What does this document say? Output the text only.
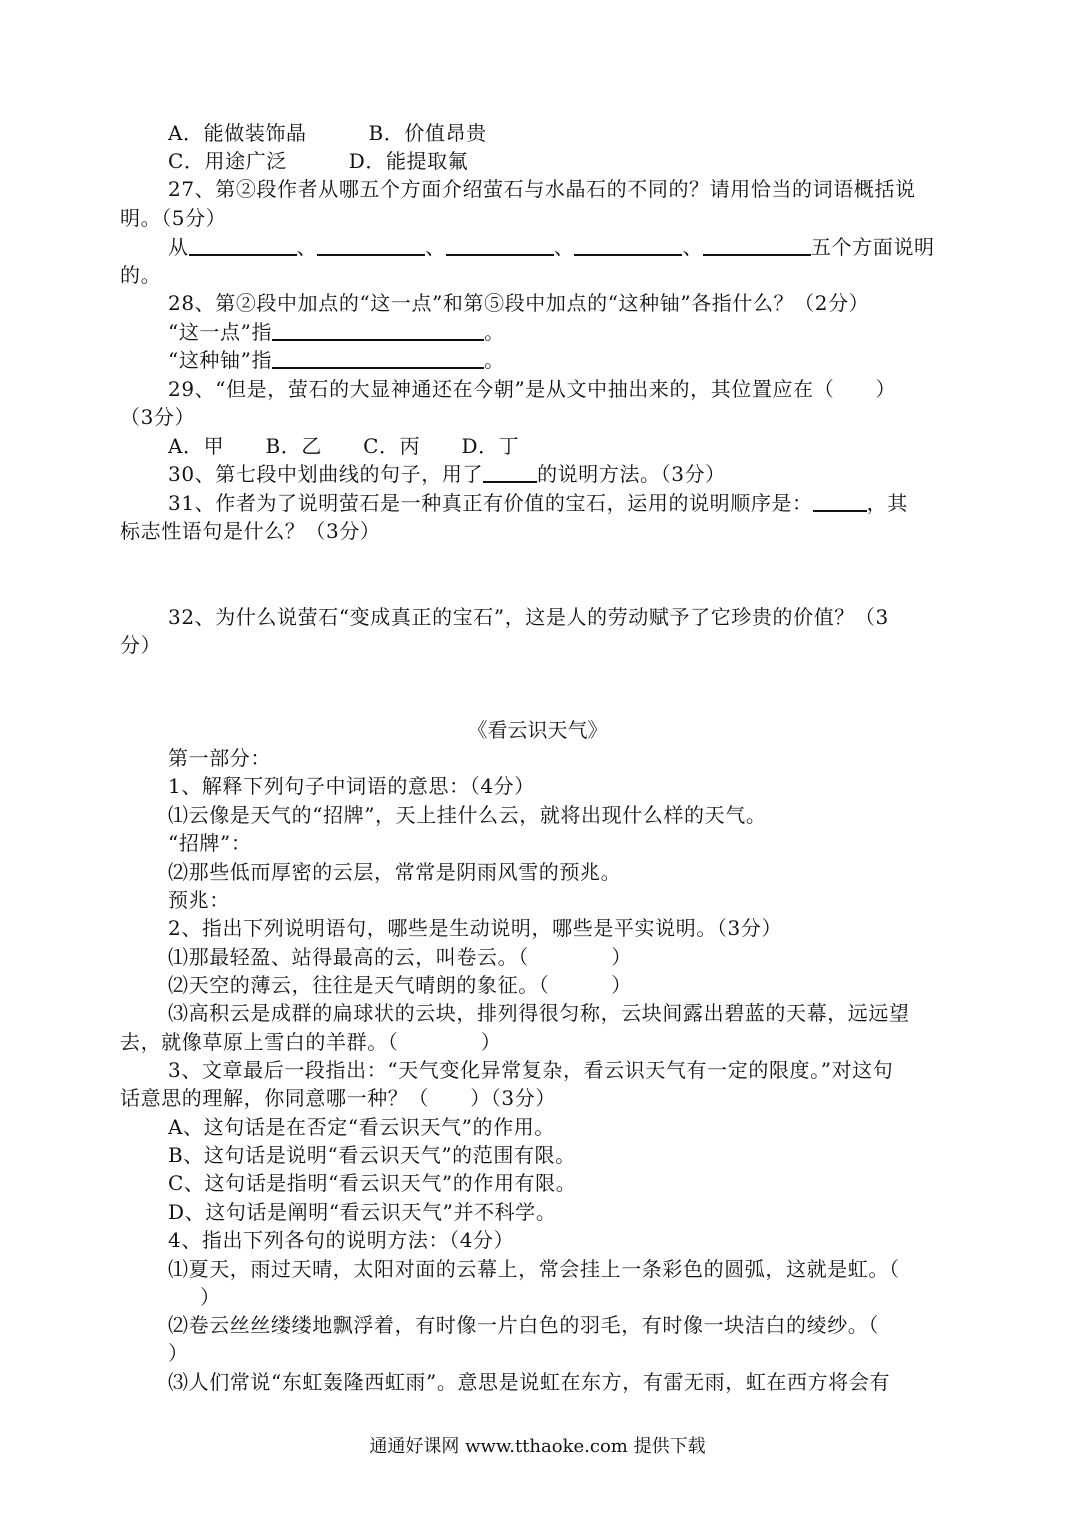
A．能做装饰晶　　　B．价值昂贵
C．用途广泛　　　D．能提取氟
27、第②段作者从哪五个方面介绍萤石与水晶石的不同的？请用恰当的词语概括说
明。（5分）
从	、	、	、	、	五个方面说明
的。
28、第②段中加点的“这一点”和第⑤段中加点的“这种铀”各指什么？（2分）
“这一点”指	。
“这种铀”指	。
29、“但是，萤石的大显神通还在今朝”是从文中抽出来的，其位置应在（　　）
（3分）
A．甲　　B．乙　　C．丙　　D．丁
30、第七段中划曲线的句子，用了	的说明方法。（3分）
31、作者为了说明萤石是一种真正有价值的宝石，运用的说明顺序是：	，其
标志性语句是什么？（3分）
32、为什么说萤石“变成真正的宝石”，这是人的劳动赋予了它珍贵的价值？（3
分）
《看云识天气》
第一部分：
1、解释下列句子中词语的意思：（4分）
⑴云像是天气的“招牌”，天上挂什么云，就将出现什么样的天气。
“招牌”：
⑵那些低而厚密的云层，常常是阴雨风雪的预兆。
预兆：
2、指出下列说明语句，哪些是生动说明，哪些是平实说明。（3分）
⑴那最轻盈、站得最高的云，叫卷云。（　　　　）
⑵天空的薄云，往往是天气晴朗的象征。（　　　）
⑶高积云是成群的扁球状的云块，排列得很匀称，云块间露出碧蓝的天幕，远远望
去，就像草原上雪白的羊群。（　　　　）
3、文章最后一段指出：“天气变化异常复杂，看云识天气有一定的限度。”对这句
话意思的理解，你同意哪一种？（　　）（3分）
A、这句话是在否定“看云识天气”的作用。
B、这句话是说明“看云识天气”的范围有限。
C、这句话是指明“看云识天气”的作用有限。
D、这句话是阐明“看云识天气”并不科学。
4、指出下列各句的说明方法：（4分）
⑴夏天，雨过天晴，太阳对面的云幕上，常会挂上一条彩色的圆弧，这就是虹。（
）
⑵卷云丝丝缕缕地飘浮着，有时像一片白色的羽毛，有时像一块洁白的绫纱。（
）
⑶人们常说“东虹轰隆西虹雨”。意思是说虹在东方，有雷无雨，虹在西方将会有
通通好课网 www.tthaoke.com 提供下载
